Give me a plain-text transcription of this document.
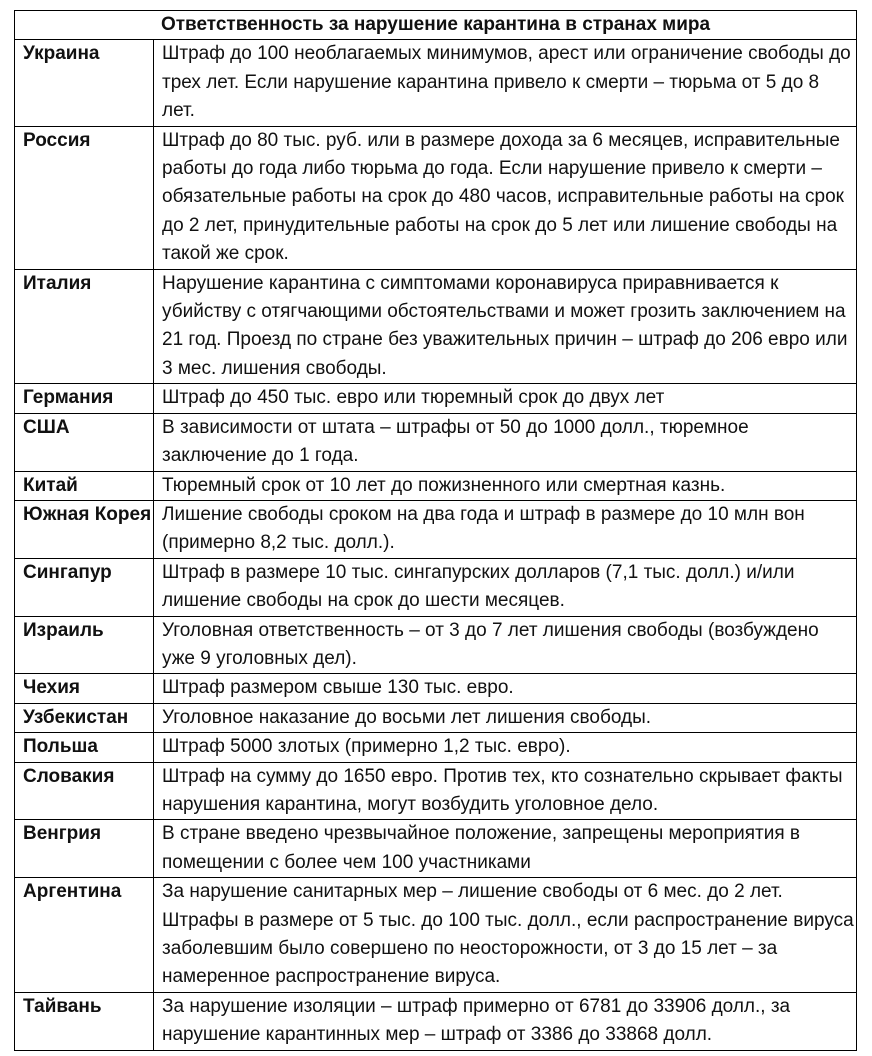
Ответственность за нарушение карантина в странах мира	
Украина	Штраф до 100 необлагаемых минимумов, арест или ограничение свободы до трех лет. Если нарушение карантина привело к смерти – тюрьма от 5 до 8 лет.
Россия	Штраф до 80 тыс. руб. или в размере дохода за 6 месяцев, исправительные работы до года либо тюрьма до года. Если нарушение привело к смерти – обязательные работы на срок до 480 часов, исправительные работы на срок до 2 лет, принудительные работы на срок до 5 лет или лишение свободы на такой же срок.
Италия	Нарушение карантина с симптомами коронавируса приравнивается к убийству с отягчающими обстоятельствами и может грозить заключением на 21 год. Проезд по стране без уважительных причин – штраф до 206 евро или 3 мес. лишения свободы.
Германия	Штраф до 450 тыс. евро или тюремный срок до двух лет
США	В зависимости от штата – штрафы от 50 до 1000 долл., тюремное заключение до 1 года.
Китай	Тюремный срок от 10 лет до пожизненного или смертная казнь.
Южная Корея	Лишение свободы сроком на два года и штраф в размере до 10 млн вон (примерно 8,2 тыс. долл.).
Сингапур	Штраф в размере 10 тыс. сингапурских долларов (7,1 тыс. долл.) и/или лишение свободы на срок до шести месяцев.
Израиль	Уголовная ответственность – от 3 до 7 лет лишения свободы (возбуждено уже 9 уголовных дел).
Чехия	Штраф размером свыше 130 тыс. евро.
Узбекистан	Уголовное наказание до восьми лет лишения свободы.
Польша	Штраф 5000 злотых (примерно 1,2 тыс. евро).
Словакия	Штраф на сумму до 1650 евро. Против тех, кто сознательно скрывает факты нарушения карантина, могут возбудить уголовное дело.
Венгрия	В стране введено чрезвычайное положение, запрещены мероприятия в помещении с более чем 100 участниками
Аргентина	За нарушение санитарных мер – лишение свободы от 6 мес. до 2 лет. Штрафы в размере от 5 тыс. до 100 тыс. долл., если распространение вируса заболевшим было совершено по неосторожности, от 3 до 15 лет – за намеренное распространение вируса.
Тайвань	За нарушение изоляции – штраф примерно от 6781 до 33906 долл., за нарушение карантинных мер – штраф от 3386 до 33868 долл.
